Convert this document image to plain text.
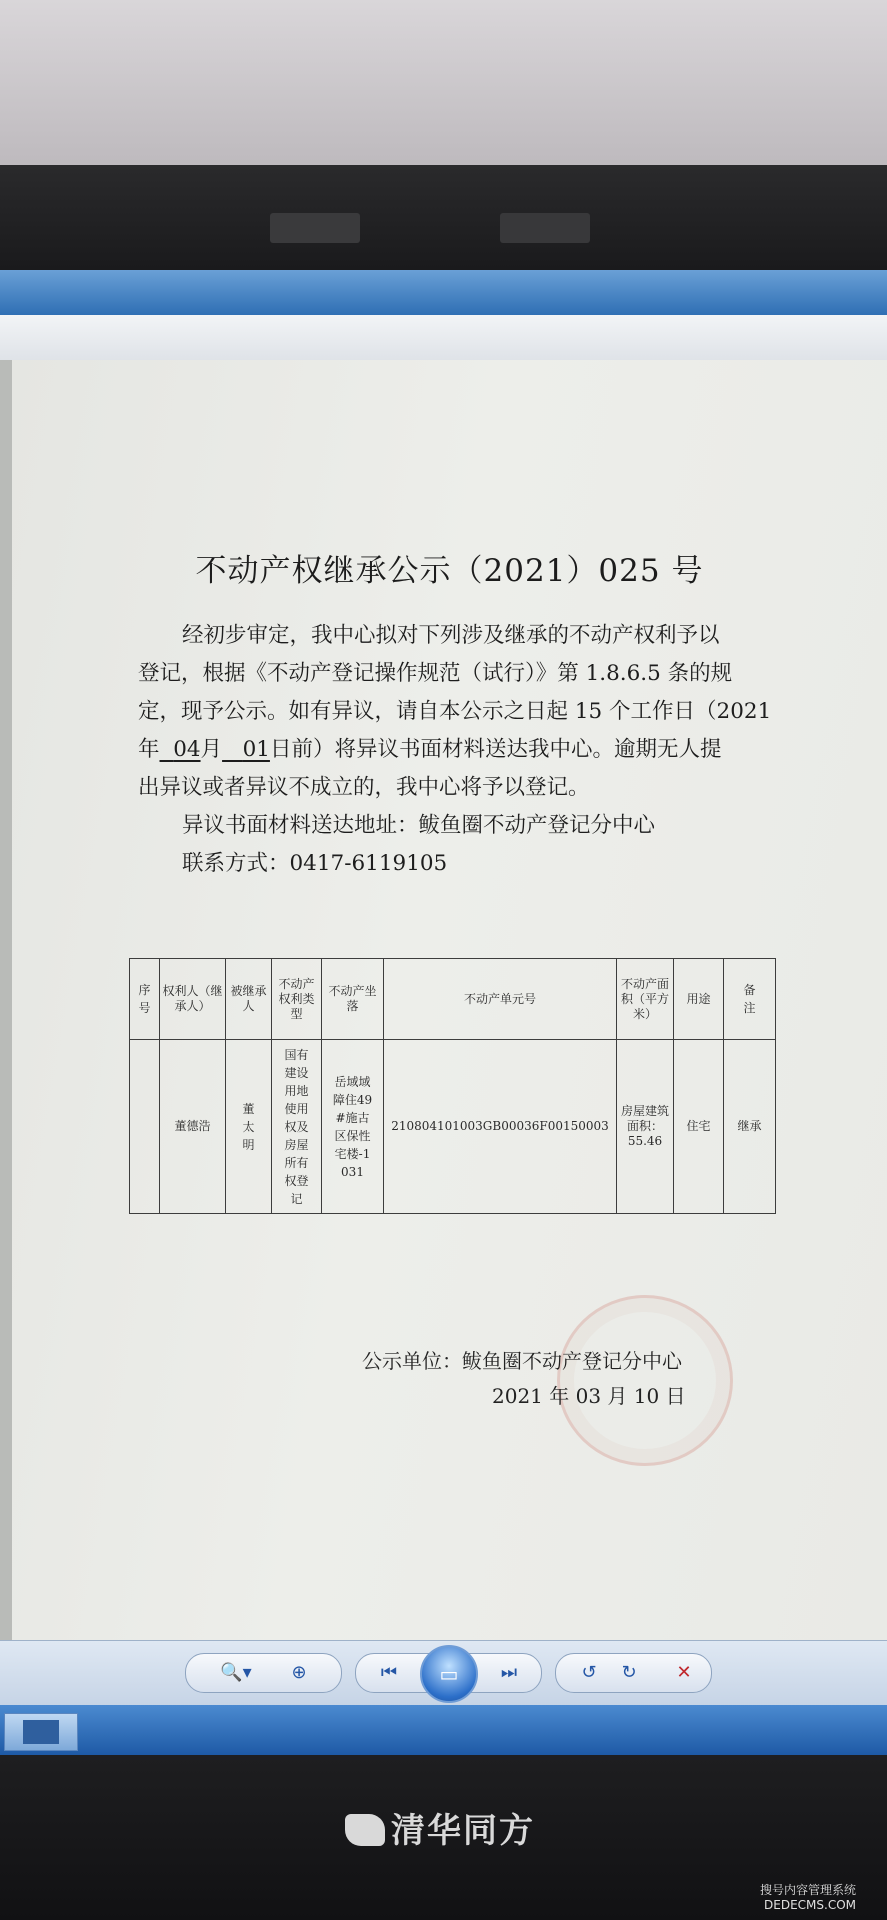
不动产权继承公示（2021）025 号
经初步审定，我中心拟对下列涉及继承的不动产权利予以
登记，根据《不动产登记操作规范（试行）》第 1.8.6.5 条的规
定，现予公示。如有异议，请自本公示之日起 15 个工作日（2021
年 04月 01日前）将异议书面材料送达我中心。逾期无人提
出异议或者异议不成立的，我中心将予以登记。
异议书面材料送达地址：鲅鱼圈不动产登记分中心
联系方式：0417-6119105
序号	权利人（继承人）	被继承人	不动产权利类型	不动产坐落	不动产单元号	不动产面积（平方米）	用途	备注
	董德浩	董太明	国有建设用地使用权及房屋所有权登记	岳域域障住49#施古区保性宅楼-1031	210804101003GB00036F00150003	房屋建筑面积：55.46	住宅	继承
公示单位：鲅鱼圈不动产登记分中心
2021 年 03 月 10 日
🔍▾	⊕	⏮	⏭
▭	↺	↻	✕
清华同方
搜号内容管理系统
DEDECMS.COM
